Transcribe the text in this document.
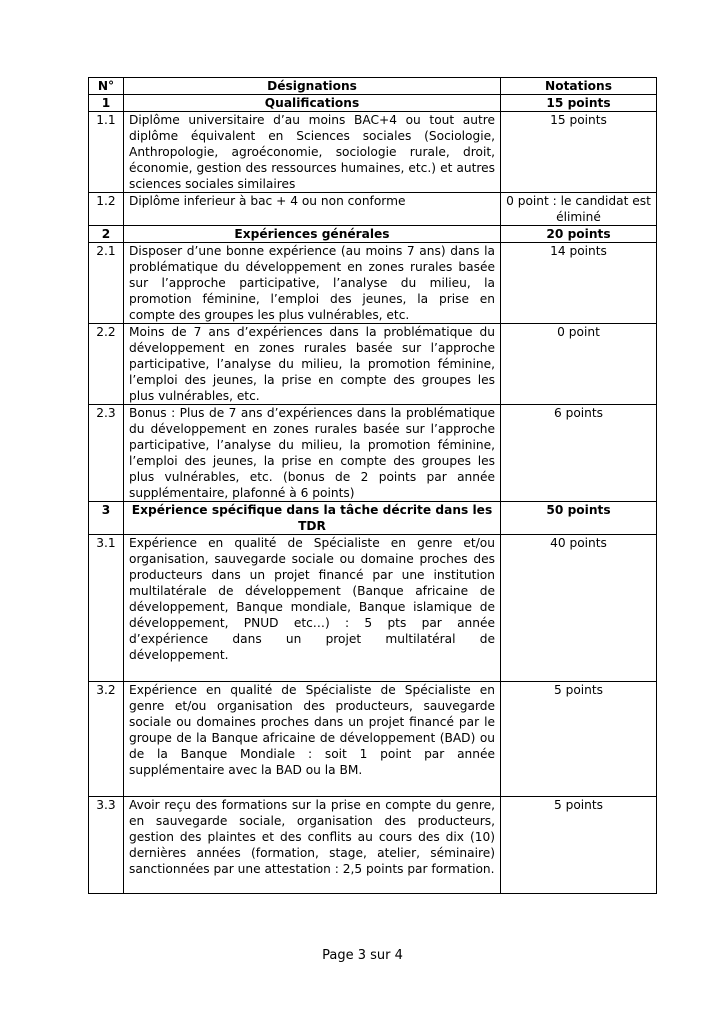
N°	Désignations	Notations
1	Qualifications	15 points
1.1	Diplôme universitaire d’au moins BAC+4 ou tout autre diplôme équivalent en Sciences sociales (Sociologie, Anthropologie, agroéconomie, sociologie rurale, droit, économie, gestion des ressources humaines, etc.) et autres sciences sociales similaires	15 points
1.2	Diplôme inferieur à bac + 4 ou non conforme	0 point : le candidat est éliminé
2	Expériences générales	20 points
2.1	Disposer d’une bonne expérience (au moins 7 ans) dans la problématique du développement en zones rurales basée sur l’approche participative, l’analyse du milieu, la promotion féminine, l’emploi des jeunes, la prise en compte des groupes les plus vulnérables, etc.	14 points
2.2	Moins de 7 ans d’expériences dans la problématique du développement en zones rurales basée sur l’approche participative, l’analyse du milieu, la promotion féminine, l’emploi des jeunes, la prise en compte des groupes les plus vulnérables, etc.	0 point
2.3	Bonus : Plus de 7 ans d’expériences dans la problématique du développement en zones rurales basée sur l’approche participative, l’analyse du milieu, la promotion féminine, l’emploi des jeunes, la prise en compte des groupes les plus vulnérables, etc. (bonus de 2 points par année supplémentaire, plafonné à 6 points)	6 points
3	Expérience spécifique dans la tâche décrite dans les TDR	50 points
3.1	Expérience en qualité de Spécialiste en genre et/ou organisation, sauvegarde sociale ou domaine proches des producteurs dans un projet financé par une institution multilatérale de développement (Banque africaine de développement, Banque mondiale, Banque islamique de développement, PNUD etc…) : 5 pts par année d’expérience dans un projet multilatéral de développement.	40 points
3.2	Expérience en qualité de Spécialiste de Spécialiste en genre et/ou organisation des producteurs, sauvegarde sociale ou domaines proches dans un projet financé par le groupe de la Banque africaine de développement (BAD) ou de la Banque Mondiale : soit 1 point par année supplémentaire avec la BAD ou la BM.	5 points
3.3	Avoir reçu des formations sur la prise en compte du genre, en sauvegarde sociale, organisation des producteurs, gestion des plaintes et des conflits au cours des dix (10) dernières années (formation, stage, atelier, séminaire) sanctionnées par une attestation : 2,5 points par formation.	5 points
Page 3 sur 4
